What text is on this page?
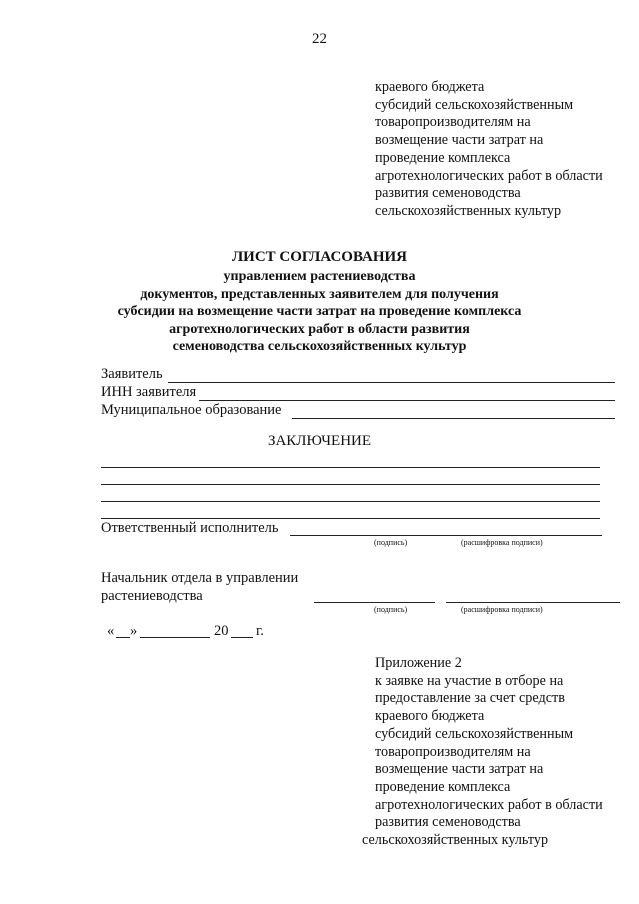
22
краевого бюджета
субсидий сельскохозяйственным
товаропроизводителям на
возмещение части затрат на
проведение комплекса
агротехнологических работ в области
развития семеноводства
сельскохозяйственных культур
ЛИСТ СОГЛАСОВАНИЯ
управлением растениеводства
документов, представленных заявителем для получения
субсидии на возмещение части затрат на проведение комплекса
агротехнологических работ в области развития
семеноводства сельскохозяйственных культур
Заявитель
ИНН заявителя
Муниципальное образование
ЗАКЛЮЧЕНИЕ
Ответственный исполнитель
(подпись)	(расшифровка подписи)
Начальник отдела в управлении
растениеводства
(подпись)	(расшифровка подписи)
« »	20 г.
Приложение 2
к заявке на участие в отборе на
предоставление за счет средств
краевого бюджета
субсидий сельскохозяйственным
товаропроизводителям на
возмещение части затрат на
проведение комплекса
агротехнологических работ в области
развития семеноводства
сельскохозяйственных культур
